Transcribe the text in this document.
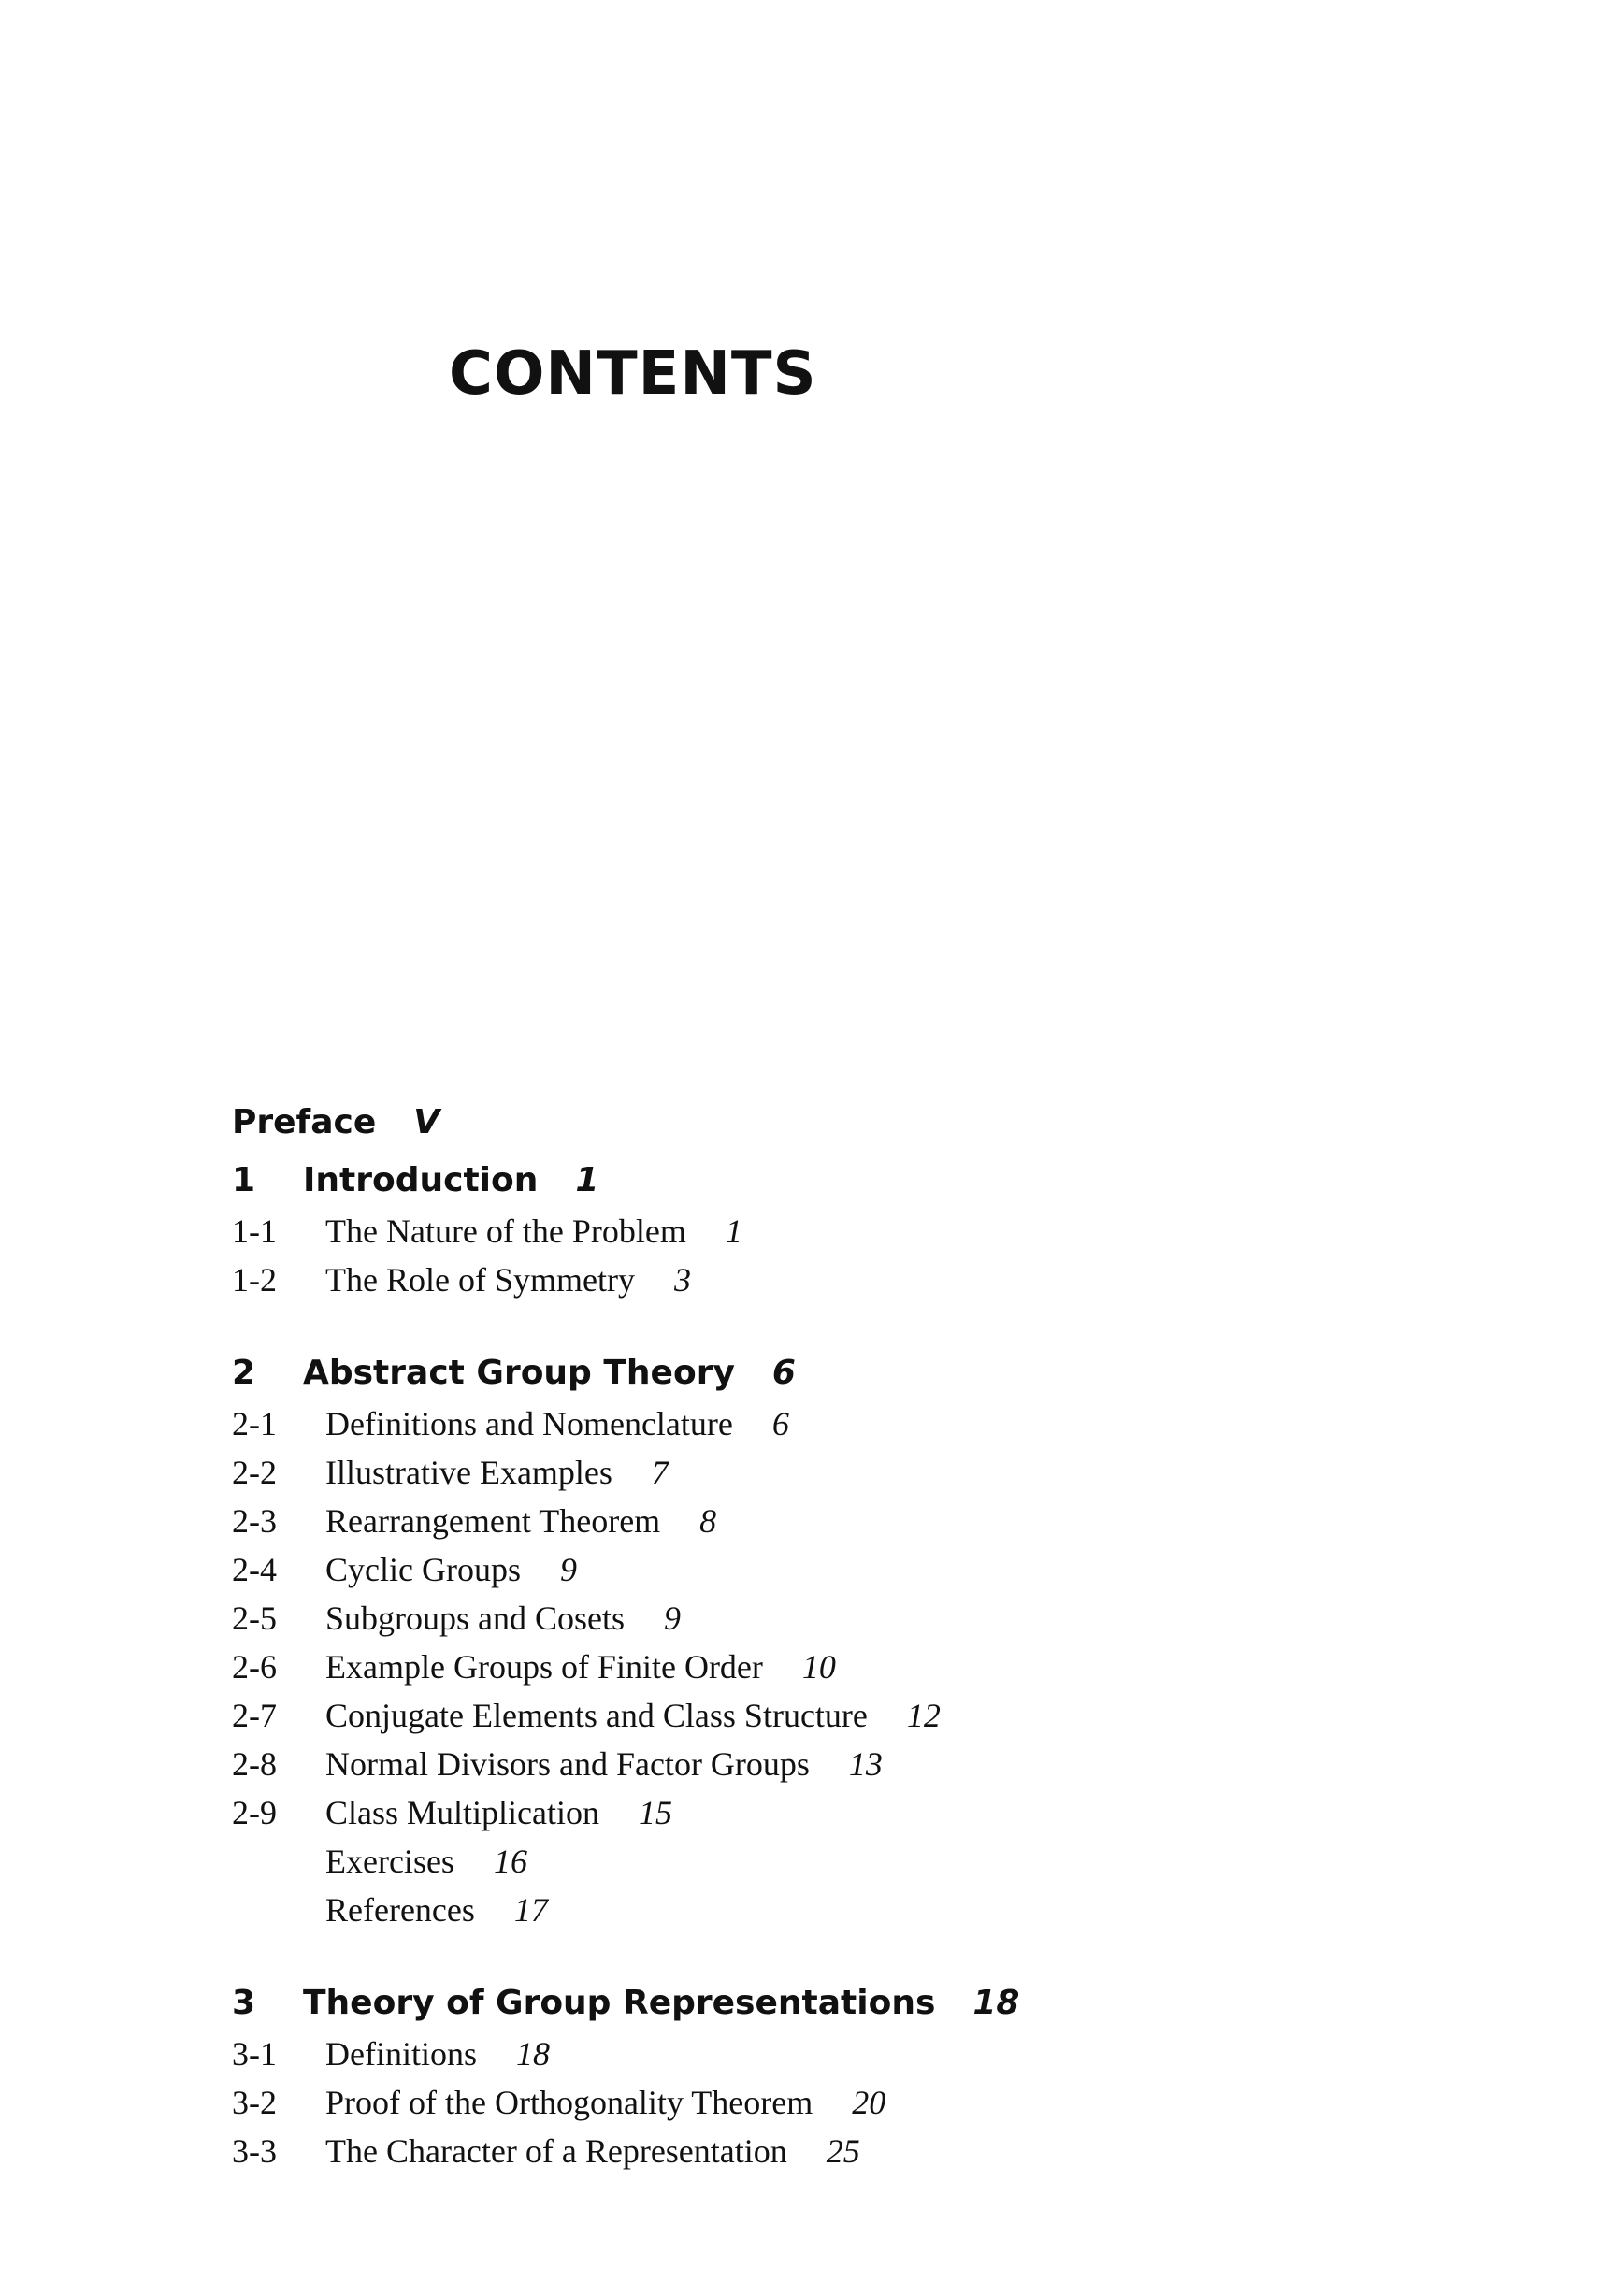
CONTENTS
Preface V
1	Introduction 1
1-1	The Nature of the Problem 1
1-2	The Role of Symmetry 3
2	Abstract Group Theory 6
2-1	Definitions and Nomenclature 6
2-2	Illustrative Examples 7
2-3	Rearrangement Theorem 8
2-4	Cyclic Groups 9
2-5	Subgroups and Cosets 9
2-6	Example Groups of Finite Order 10
2-7	Conjugate Elements and Class Structure 12
2-8	Normal Divisors and Factor Groups 13
2-9	Class Multiplication 15
Exercises 16
References 17
3	Theory of Group Representations 18
3-1	Definitions 18
3-2	Proof of the Orthogonality Theorem 20
3-3	The Character of a Representation 25
